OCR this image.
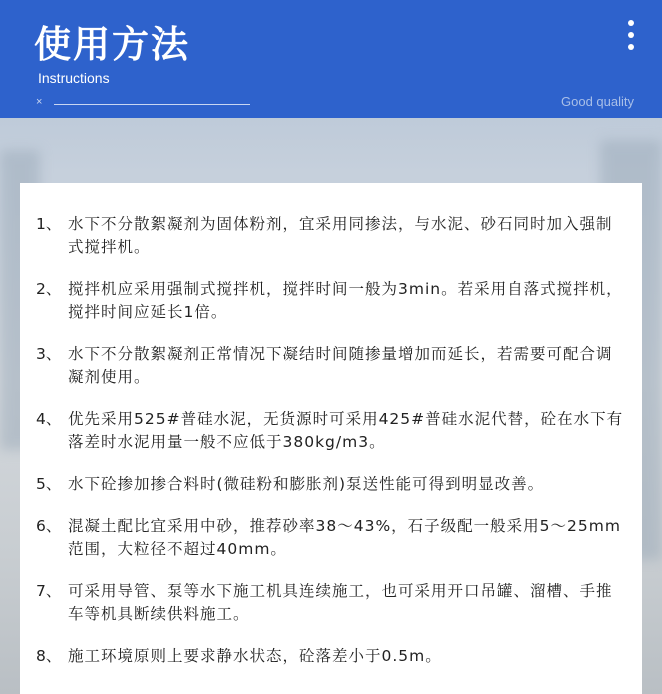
使用方法
Instructions
×	Good quality
1、 水下不分散絮凝剂为固体粉剂，宜采用同掺法，与水泥、砂石同时加入强制式搅拌机。
2、 搅拌机应采用强制式搅拌机，搅拌时间一般为3min。若采用自落式搅拌机，搅拌时间应延长1倍。
3、 水下不分散絮凝剂正常情况下凝结时间随掺量增加而延长，若需要可配合调凝剂使用。
4、 优先采用525#普硅水泥，无货源时可采用425#普硅水泥代替，砼在水下有落差时水泥用量一般不应低于380kg/m3。
5、 水下砼掺加掺合料时(微硅粉和膨胀剂)泵送性能可得到明显改善。
6、 混凝土配比宜采用中砂，推荐砂率38～43%，石子级配一般采用5～25mm范围，大粒径不超过40mm。
7、 可采用导管、泵等水下施工机具连续施工，也可采用开口吊罐、溜槽、手推车等机具断续供料施工。
8、 施工环境原则上要求静水状态，砼落差小于0.5m。
